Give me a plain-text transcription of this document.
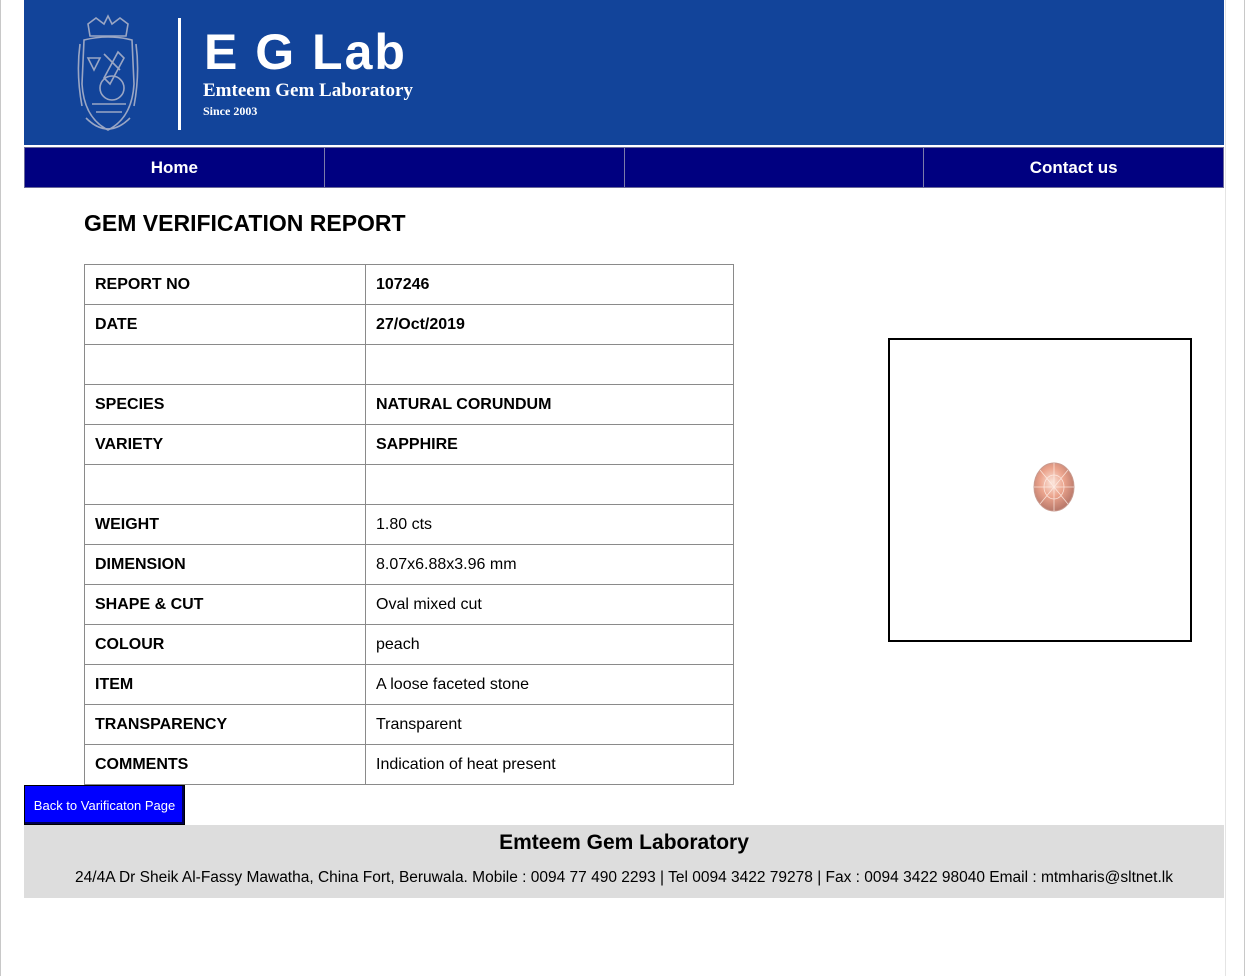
E G Lab
Emteem Gem Laboratory
Since 2003
Home	Contact us
GEM VERIFICATION REPORT
REPORT NO	107246
DATE	27/Oct/2019

SPECIES	NATURAL CORUNDUM
VARIETY	SAPPHIRE

WEIGHT	1.80 cts
DIMENSION	8.07x6.88x3.96 mm
SHAPE & CUT	Oval mixed cut
COLOUR	peach
ITEM	A loose faceted stone
TRANSPARENCY	Transparent
COMMENTS	Indication of heat present
Back to Varificaton Page
Emteem Gem Laboratory
24/4A Dr Sheik Al-Fassy Mawatha, China Fort, Beruwala. Mobile : 0094 77 490 2293 | Tel 0094 3422 79278 | Fax : 0094 3422 98040 Email : mtmharis@sltnet.lk
